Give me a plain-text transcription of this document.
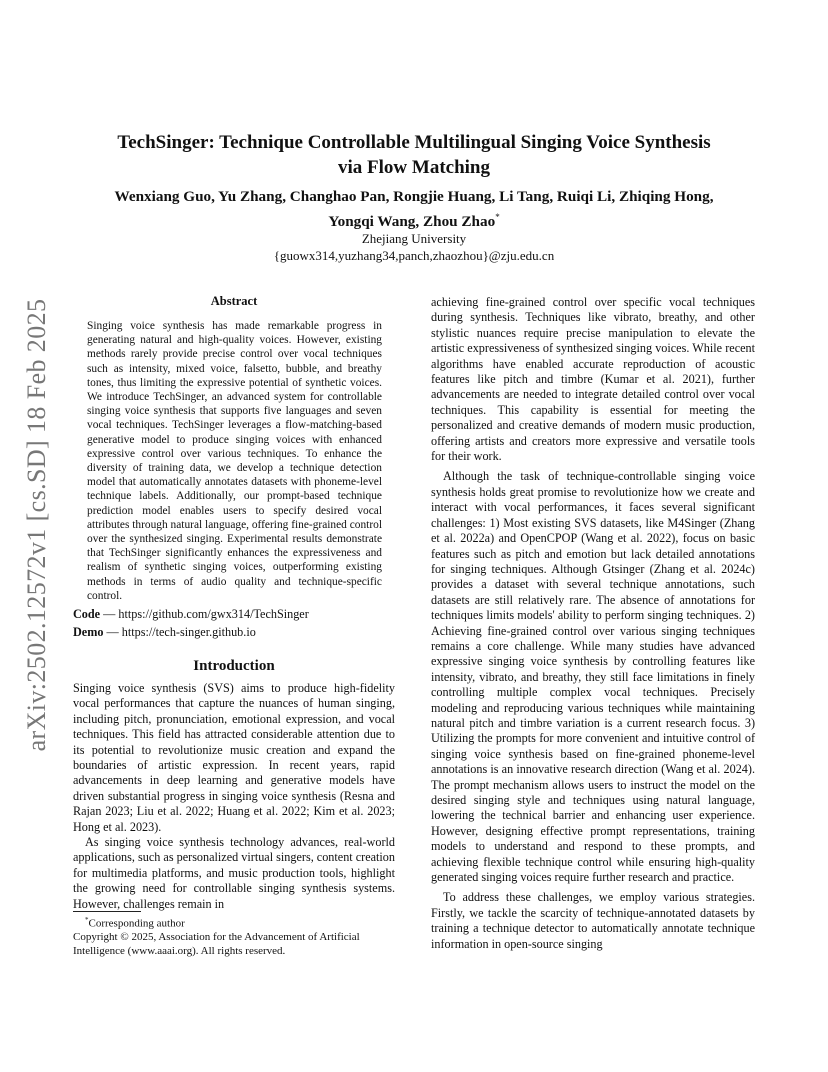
arXiv:2502.12572v1 [cs.SD] 18 Feb 2025
TechSinger: Technique Controllable Multilingual Singing Voice Synthesis
via Flow Matching
Wenxiang Guo, Yu Zhang, Changhao Pan, Rongjie Huang, Li Tang, Ruiqi Li, Zhiqing Hong,
Yongqi Wang, Zhou Zhao*
Zhejiang University
{guowx314,yuzhang34,panch,zhaozhou}@zju.edu.cn
Abstract
Singing voice synthesis has made remarkable progress in generating natural and high-quality voices. However, existing methods rarely provide precise control over vocal techniques such as intensity, mixed voice, falsetto, bubble, and breathy tones, thus limiting the expressive potential of synthetic voices. We introduce TechSinger, an advanced system for controllable singing voice synthesis that supports five languages and seven vocal techniques. TechSinger leverages a flow-matching-based generative model to produce singing voices with enhanced expressive control over various techniques. To enhance the diversity of training data, we develop a technique detection model that automatically annotates datasets with phoneme-level technique labels. Additionally, our prompt-based technique prediction model enables users to specify desired vocal attributes through natural language, offering fine-grained control over the synthesized singing. Experimental results demonstrate that TechSinger significantly enhances the expressiveness and realism of synthetic singing voices, outperforming existing methods in terms of audio quality and technique-specific control.
Code — https://github.com/gwx314/TechSinger
Demo — https://tech-singer.github.io
Introduction

Singing voice synthesis (SVS) aims to produce high-fidelity vocal performances that capture the nuances of human singing, including pitch, pronunciation, emotional expression, and vocal techniques. This field has attracted considerable attention due to its potential to revolutionize music creation and expand the boundaries of artistic expression. In recent years, rapid advancements in deep learning and generative models have driven substantial progress in singing voice synthesis (Resna and Rajan 2023; Liu et al. 2022; Huang et al. 2022; Kim et al. 2023; Hong et al. 2023).

As singing voice synthesis technology advances, real-world applications, such as personalized virtual singers, content creation for multimedia platforms, and music production tools, highlight the growing need for controllable singing synthesis systems. However, challenges remain in

achieving fine-grained control over specific vocal techniques during synthesis. Techniques like vibrato, breathy, and other stylistic nuances require precise manipulation to elevate the artistic expressiveness of synthesized singing voices. While recent algorithms have enabled accurate reproduction of acoustic features like pitch and timbre (Kumar et al. 2021), further advancements are needed to integrate detailed control over vocal techniques. This capability is essential for meeting the personalized and creative demands of modern music production, offering artists and creators more expressive and versatile tools for their work.

Although the task of technique-controllable singing voice synthesis holds great promise to revolutionize how we create and interact with vocal performances, it faces several significant challenges: 1) Most existing SVS datasets, like M4Singer (Zhang et al. 2022a) and OpenCPOP (Wang et al. 2022), focus on basic features such as pitch and emotion but lack detailed annotations for singing techniques. Although Gtsinger (Zhang et al. 2024c) provides a dataset with several technique annotations, such datasets are still relatively rare. The absence of annotations for techniques limits models' ability to perform singing techniques. 2) Achieving fine-grained control over various singing techniques remains a core challenge. While many studies have advanced expressive singing voice synthesis by controlling features like intensity, vibrato, and breathy, they still face limitations in finely controlling multiple complex vocal techniques. Precisely modeling and reproducing various techniques while maintaining natural pitch and timbre variation is a current research focus. 3) Utilizing the prompts for more convenient and intuitive control of singing voice synthesis based on fine-grained phoneme-level annotations is an innovative research direction (Wang et al. 2024). The prompt mechanism allows users to instruct the model on the desired singing style and techniques using natural language, lowering the technical barrier and enhancing user experience. However, designing effective prompt representations, training models to understand and respond to these prompts, and achieving flexible technique control while ensuring high-quality generated singing voices require further research and practice.

To address these challenges, we employ various strategies. Firstly, we tackle the scarcity of technique-annotated datasets by training a technique detector to automatically annotate technique information in open-source singing

*Corresponding author
Copyright © 2025, Association for the Advancement of Artificial Intelligence (www.aaai.org). All rights reserved.
